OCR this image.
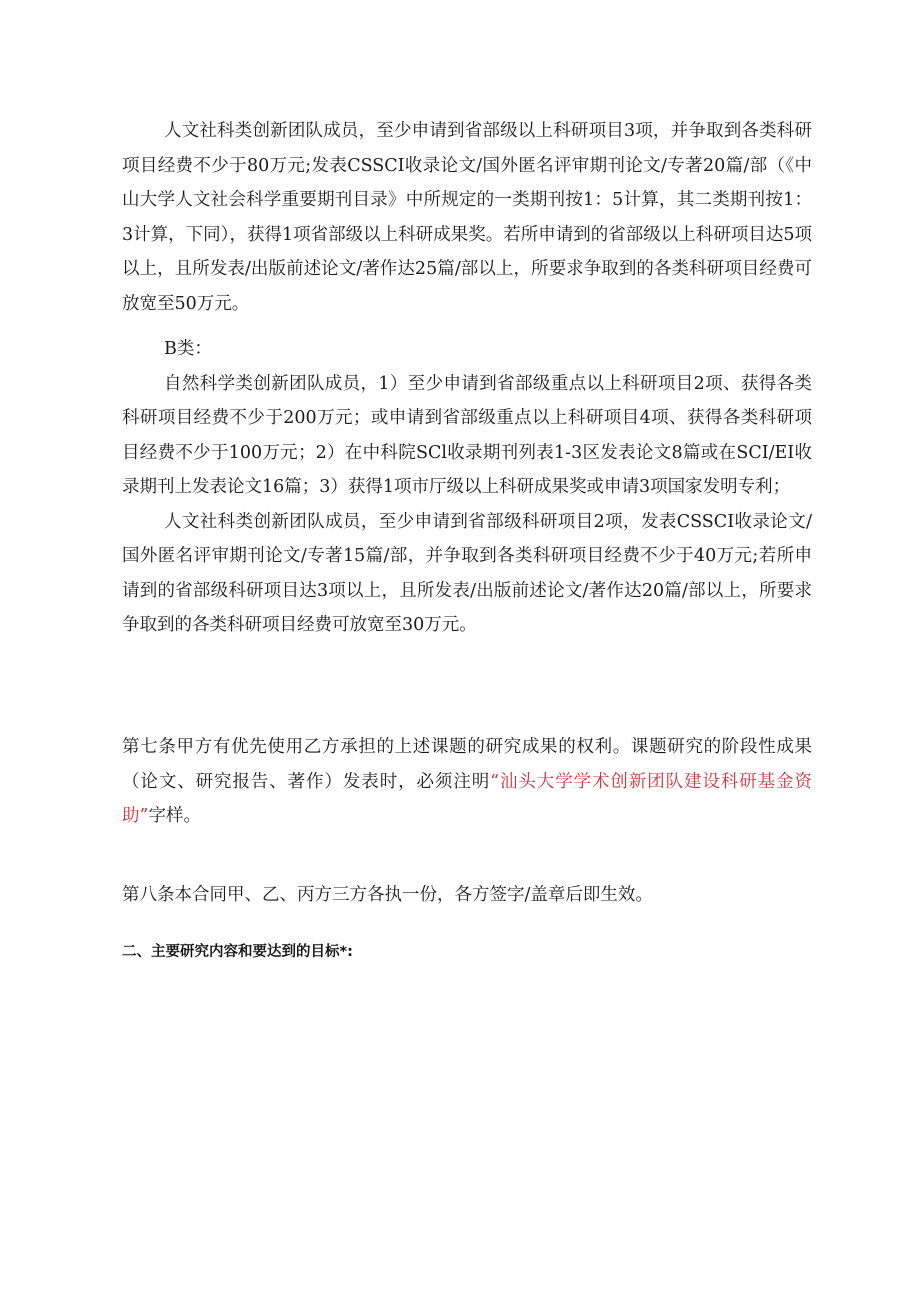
人文社科类创新团队成员，至少申请到省部级以上科研项目3项，并争取到各类科研项目经费不少于80万元;发表CSSCI收录论文/国外匿名评审期刊论文/专著20篇/部（《中山大学人文社会科学重要期刊目录》中所规定的一类期刊按1：5计算，其二类期刊按1：3计算，下同），获得1项省部级以上科研成果奖。若所申请到的省部级以上科研项目达5项以上，且所发表/出版前述论文/著作达25篇/部以上，所要求争取到的各类科研项目经费可放宽至50万元。

B类：

自然科学类创新团队成员，1）至少申请到省部级重点以上科研项目2项、获得各类科研项目经费不少于200万元；或申请到省部级重点以上科研项目4项、获得各类科研项目经费不少于100万元；2）在中科院SCl收录期刊列表1-3区发表论文8篇或在SCI/EI收录期刊上发表论文16篇；3）获得1项市厅级以上科研成果奖或申请3项国家发明专利；

人文社科类创新团队成员，至少申请到省部级科研项目2项，发表CSSCI收录论文/国外匿名评审期刊论文/专著15篇/部，并争取到各类科研项目经费不少于40万元;若所申请到的省部级科研项目达3项以上，且所发表/出版前述论文/著作达20篇/部以上，所要求争取到的各类科研项目经费可放宽至30万元。

第七条甲方有优先使用乙方承担的上述课题的研究成果的权利。课题研究的阶段性成果（论文、研究报告、著作）发表时，必须注明“汕头大学学术创新团队建设科研基金资助”字样。

第八条本合同甲、乙、丙方三方各执一份，各方签字/盖章后即生效。

二、主要研究内容和要达到的目标*:
